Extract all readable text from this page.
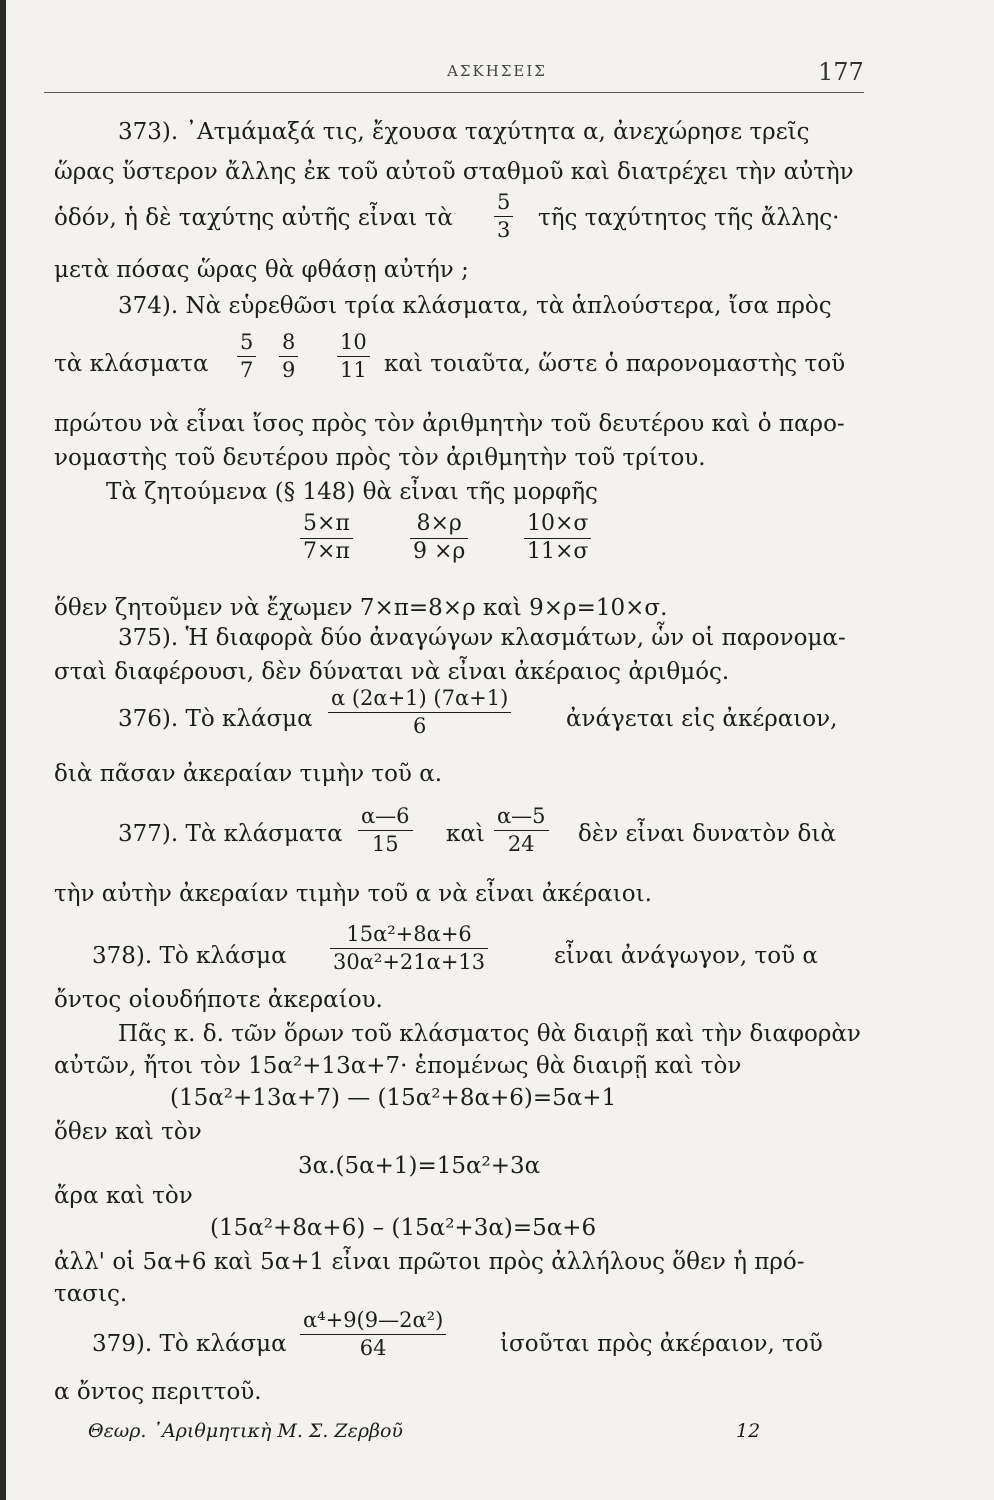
ΑΣΚΗΣΕΙΣ	177
373). ᾿Ατμάμαξά τις, ἔχουσα ταχύτητα α, ἀνεχώρησε τρεῖς
ὥρας ὕστερον ἄλλης ἐκ τοῦ αὐτοῦ σταθμοῦ καὶ διατρέχει τὴν αὐτὴν
ὁδόν, ἡ δὲ ταχύτης αὐτῆς εἶναι τὰ
5
3 τῆς ταχύτητος τῆς ἄλλης·
μετὰ πόσας ὥρας θὰ φθάσῃ αὐτήν ;
374). Νὰ εὑρεθῶσι τρία κλάσματα, τὰ ἁπλούστερα, ἴσα πρὸς
τὰ κλάσματα
5
7
8
9
10
11 καὶ τοιαῦτα, ὥστε ὁ παρονομαστὴς τοῦ
πρώτου νὰ εἶναι ἴσος πρὸς τὸν ἀριθμητὴν τοῦ δευτέρου καὶ ὁ παρο-
νομαστὴς τοῦ δευτέρου πρὸς τὸν ἀριθμητὴν τοῦ τρίτου.
Τὰ ζητούμενα (§ 148) θὰ εἶναι τῆς μορφῆς
5×π
7×π
8×ρ
9 ×ρ
10×σ
11×σ
ὅθεν ζητοῦμεν νὰ ἔχωμεν 7×π=8×ρ καὶ 9×ρ=10×σ.
375). Ἡ διαφορὰ δύο ἀναγώγων κλασμάτων, ὧν οἱ παρονομα-
σταὶ διαφέρουσι, δὲν δύναται νὰ εἶναι ἀκέραιος ἀριθμός.
376). Τὸ κλάσμα
α (2α+1) (7α+1)
6	ἀνάγεται εἰς ἀκέραιον,
διὰ πᾶσαν ἀκεραίαν τιμὴν τοῦ α.
377). Τὰ κλάσματα
α—6
15 καὶ
α—5
24 δὲν εἶναι δυνατὸν διὰ
τὴν αὐτὴν ἀκεραίαν τιμὴν τοῦ α νὰ εἶναι ἀκέραιοι.
378). Τὸ κλάσμα
15α²+8α+6
30α²+21α+13	εἶναι ἀνάγωγον, τοῦ α
ὄντος οἱουδήποτε ἀκεραίου.
Πᾶς κ. δ. τῶν ὅρων τοῦ κλάσματος θὰ διαιρῇ καὶ τὴν διαφορὰν
αὐτῶν, ἤτοι τὸν 15α²+13α+7· ἑπομένως θὰ διαιρῇ καὶ τὸν
(15α²+13α+7) — (15α²+8α+6)=5α+1
ὅθεν καὶ τὸν
3α.(5α+1)=15α²+3α
ἄρα καὶ τὸν
(15α²+8α+6) – (15α²+3α)=5α+6
ἀλλ' οἱ 5α+6 καὶ 5α+1 εἶναι πρῶτοι πρὸς ἀλλήλους ὅθεν ἡ πρό-
τασις.
379). Τὸ κλάσμα
α⁴+9(9—2α²)
64	ἰσοῦται πρὸς ἀκέραιον, τοῦ
α ὄντος περιττοῦ.
Θεωρ. ᾿Αριθμητικὴ Μ. Σ. Ζερβοῦ	12
